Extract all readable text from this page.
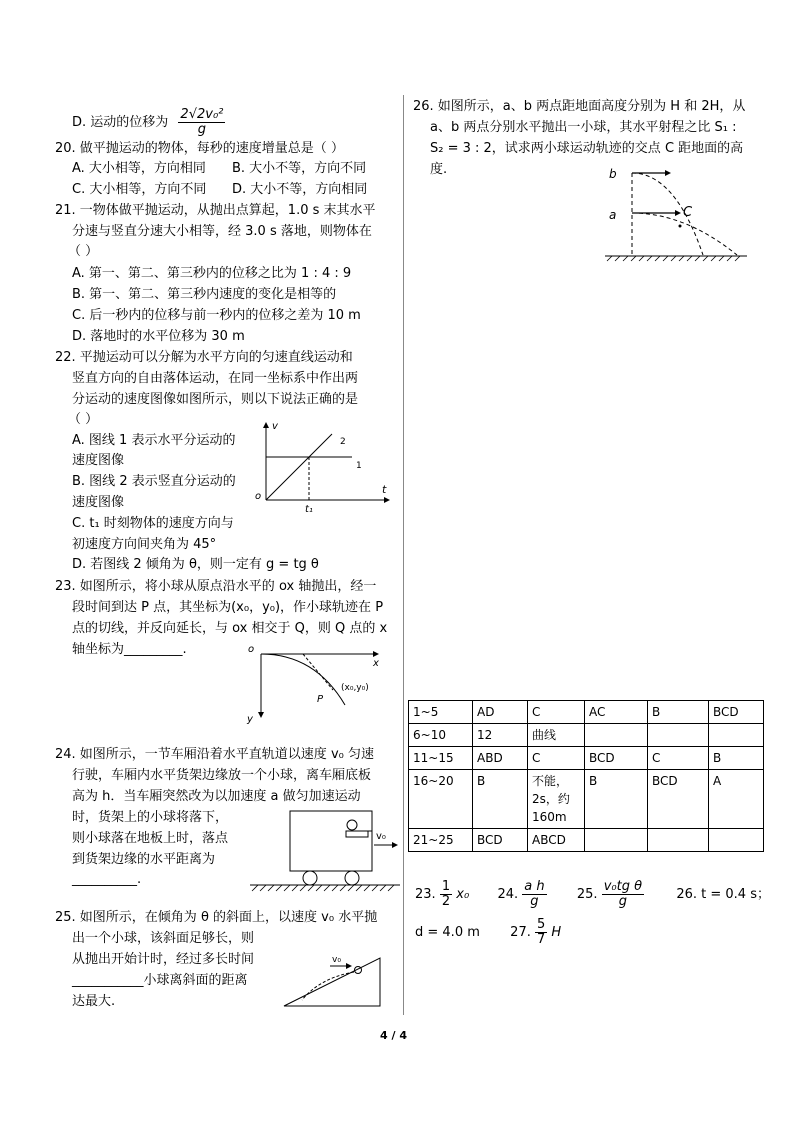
D. 运动的位移为 $\frac{\text{2√2v₀²}}{g}$
20. 做平抛运动的物体，每秒的速度增量总是（ ）
A. 大小相等，方向相同 B. 大小不等，方向不同
C. 大小相等，方向不同 D. 大小不等，方向相同
21. 一物体做平抛运动，从抛出点算起，1.0 s 末其水平
分速与竖直分速大小相等，经 3.0 s 落地，则物体在
（ ）
A. 第一、第二、第三秒内的位移之比为 1 : 4 : 9
B. 第一、第二、第三秒内速度的变化是相等的
C. 后一秒内的位移与前一秒内的位移之差为 10 m
D. 落地时的水平位移为 30 m
22. 平抛运动可以分解为水平方向的匀速直线运动和
竖直方向的自由落体运动，在同一坐标系中作出两
分运动的速度图像如图所示，则以下说法正确的是
（ ）
A. 图线 1 表示水平分运动的
速度图像
B. 图线 2 表示竖直分运动的
速度图像
C. t₁ 时刻物体的速度方向与
初速度方向间夹角为 45°
D. 若图线 2 倾角为 θ，则一定有 g = tg θ
v
t
o
t₁
1
2
23. 如图所示，将小球从原点沿水平的 ox 轴抛出，经一
段时间到达 P 点，其坐标为(x₀，y₀)，作小球轨迹在 P
点的切线，并反向延长，与 ox 相交于 Q，则 Q 点的 x
轴坐标为_________.	o
x
y
P
(x₀,y₀)
24. 如图所示，一节车厢沿着水平直轨道以速度 v₀ 匀速
行驶，车厢内水平货架边缘放一个小球，离车厢底板
高为 h．当车厢突然改为以加速度 a 做匀加速运动
时，货架上的小球将落下，
则小球落在地板上时，落点
到货架边缘的水平距离为
__________.
v₀
25. 如图所示，在倾角为 θ 的斜面上，以速度 v₀ 水平抛
出一个小球，该斜面足够长，则
从抛出开始计时，经过多长时间
___________小球离斜面的距离
达最大.
v₀
26. 如图所示，a、b 两点距地面高度分别为 H 和 2H，从
a、b 两点分别水平抛出一小球，其水平射程之比 S₁ :
S₂ = 3 : 2，试求两小球运动轨迹的交点 C 距地面的高
度.	b
a	C
1~5	AD	C	AC	B	BCD
6~10	12	曲线			
11~15	ABD	C	BCD	C	B
16~20	B	不能，2s，约160m	B	BCD	A
21~25	BCD	ABCD			
23. $\frac{1}{2} x_0$ 24. $\frac{\text{a h}}{g} 25$. $\frac{\text{v₀tg θ}}{g} 26$. t = 0.4 s；
d = 4.0 m 27. $\frac{5}{7}$ H
4 / 4
